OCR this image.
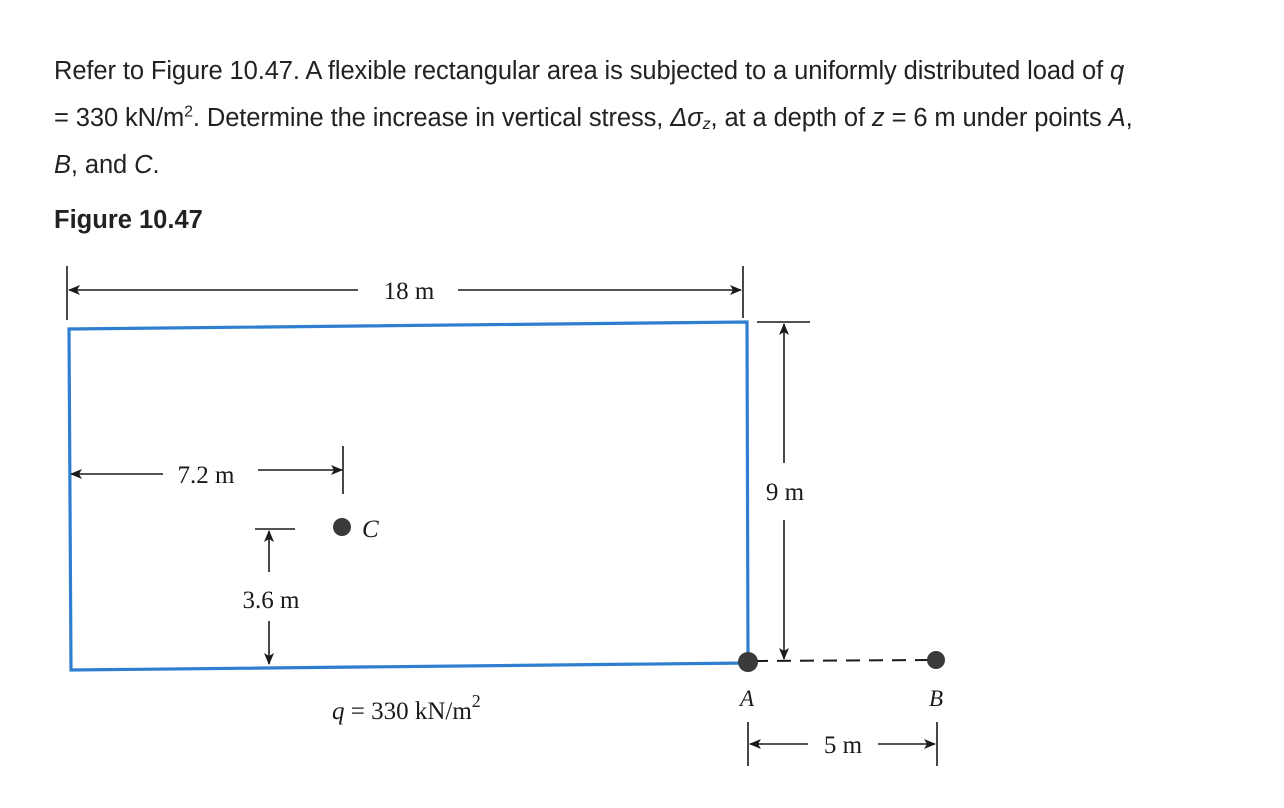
Refer to Figure 10.47. A flexible rectangular area is subjected to a uniformly distributed load of q
= 330 $kN/m^2$. Determine the increase in vertical stress, $\Delta\sigma_z$, at a depth of z = 6 m under points A,
B, and C.
Figure 10.47
18 m
9 m
7.2 m
3.6 m
C
A	B
5 m
q = 330 $kN/m^2$
